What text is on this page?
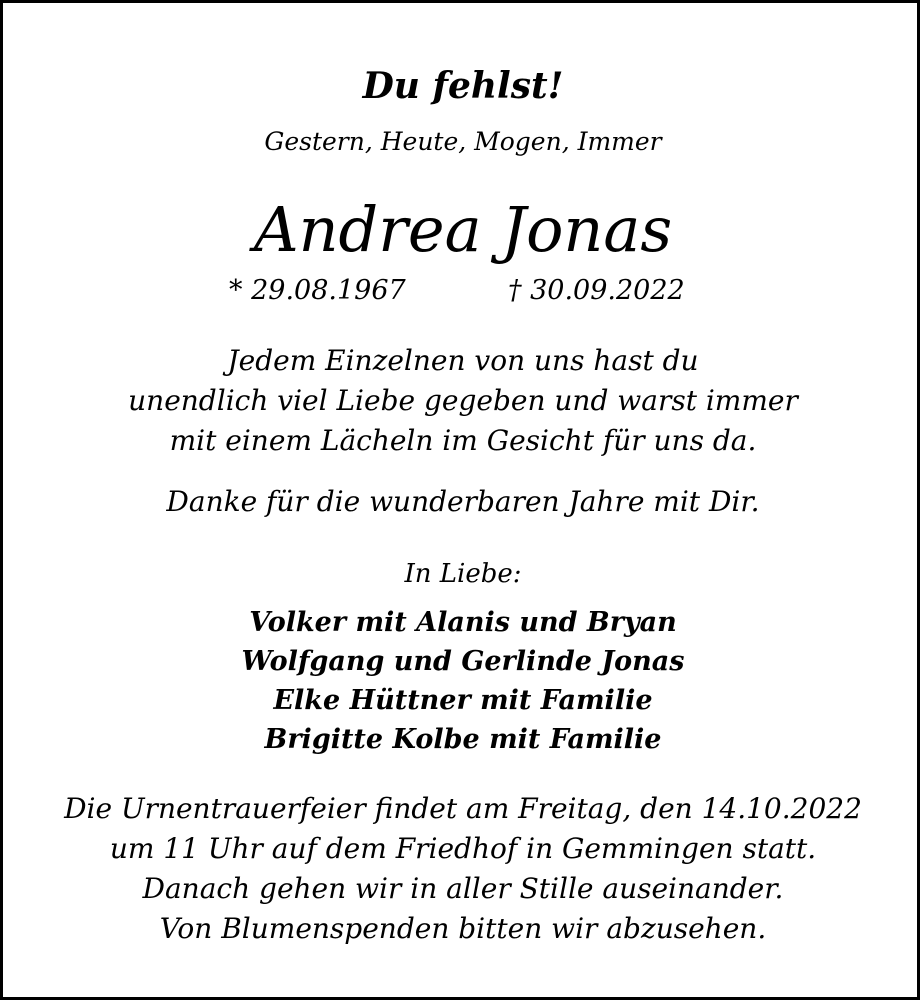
Du fehlst!
Gestern, Heute, Mogen, Immer
Andrea Jonas
* 29.08.1967	† 30.09.2022
Jedem Einzelnen von uns hast du
unendlich viel Liebe gegeben und warst immer
mit einem Lächeln im Gesicht für uns da.
Danke für die wunderbaren Jahre mit Dir.
In Liebe:
Volker mit Alanis und Bryan
Wolfgang und Gerlinde Jonas
Elke Hüttner mit Familie
Brigitte Kolbe mit Familie
Die Urnentrauerfeier findet am Freitag, den 14.10.2022
um 11 Uhr auf dem Friedhof in Gemmingen statt.
Danach gehen wir in aller Stille auseinander.
Von Blumenspenden bitten wir abzusehen.
